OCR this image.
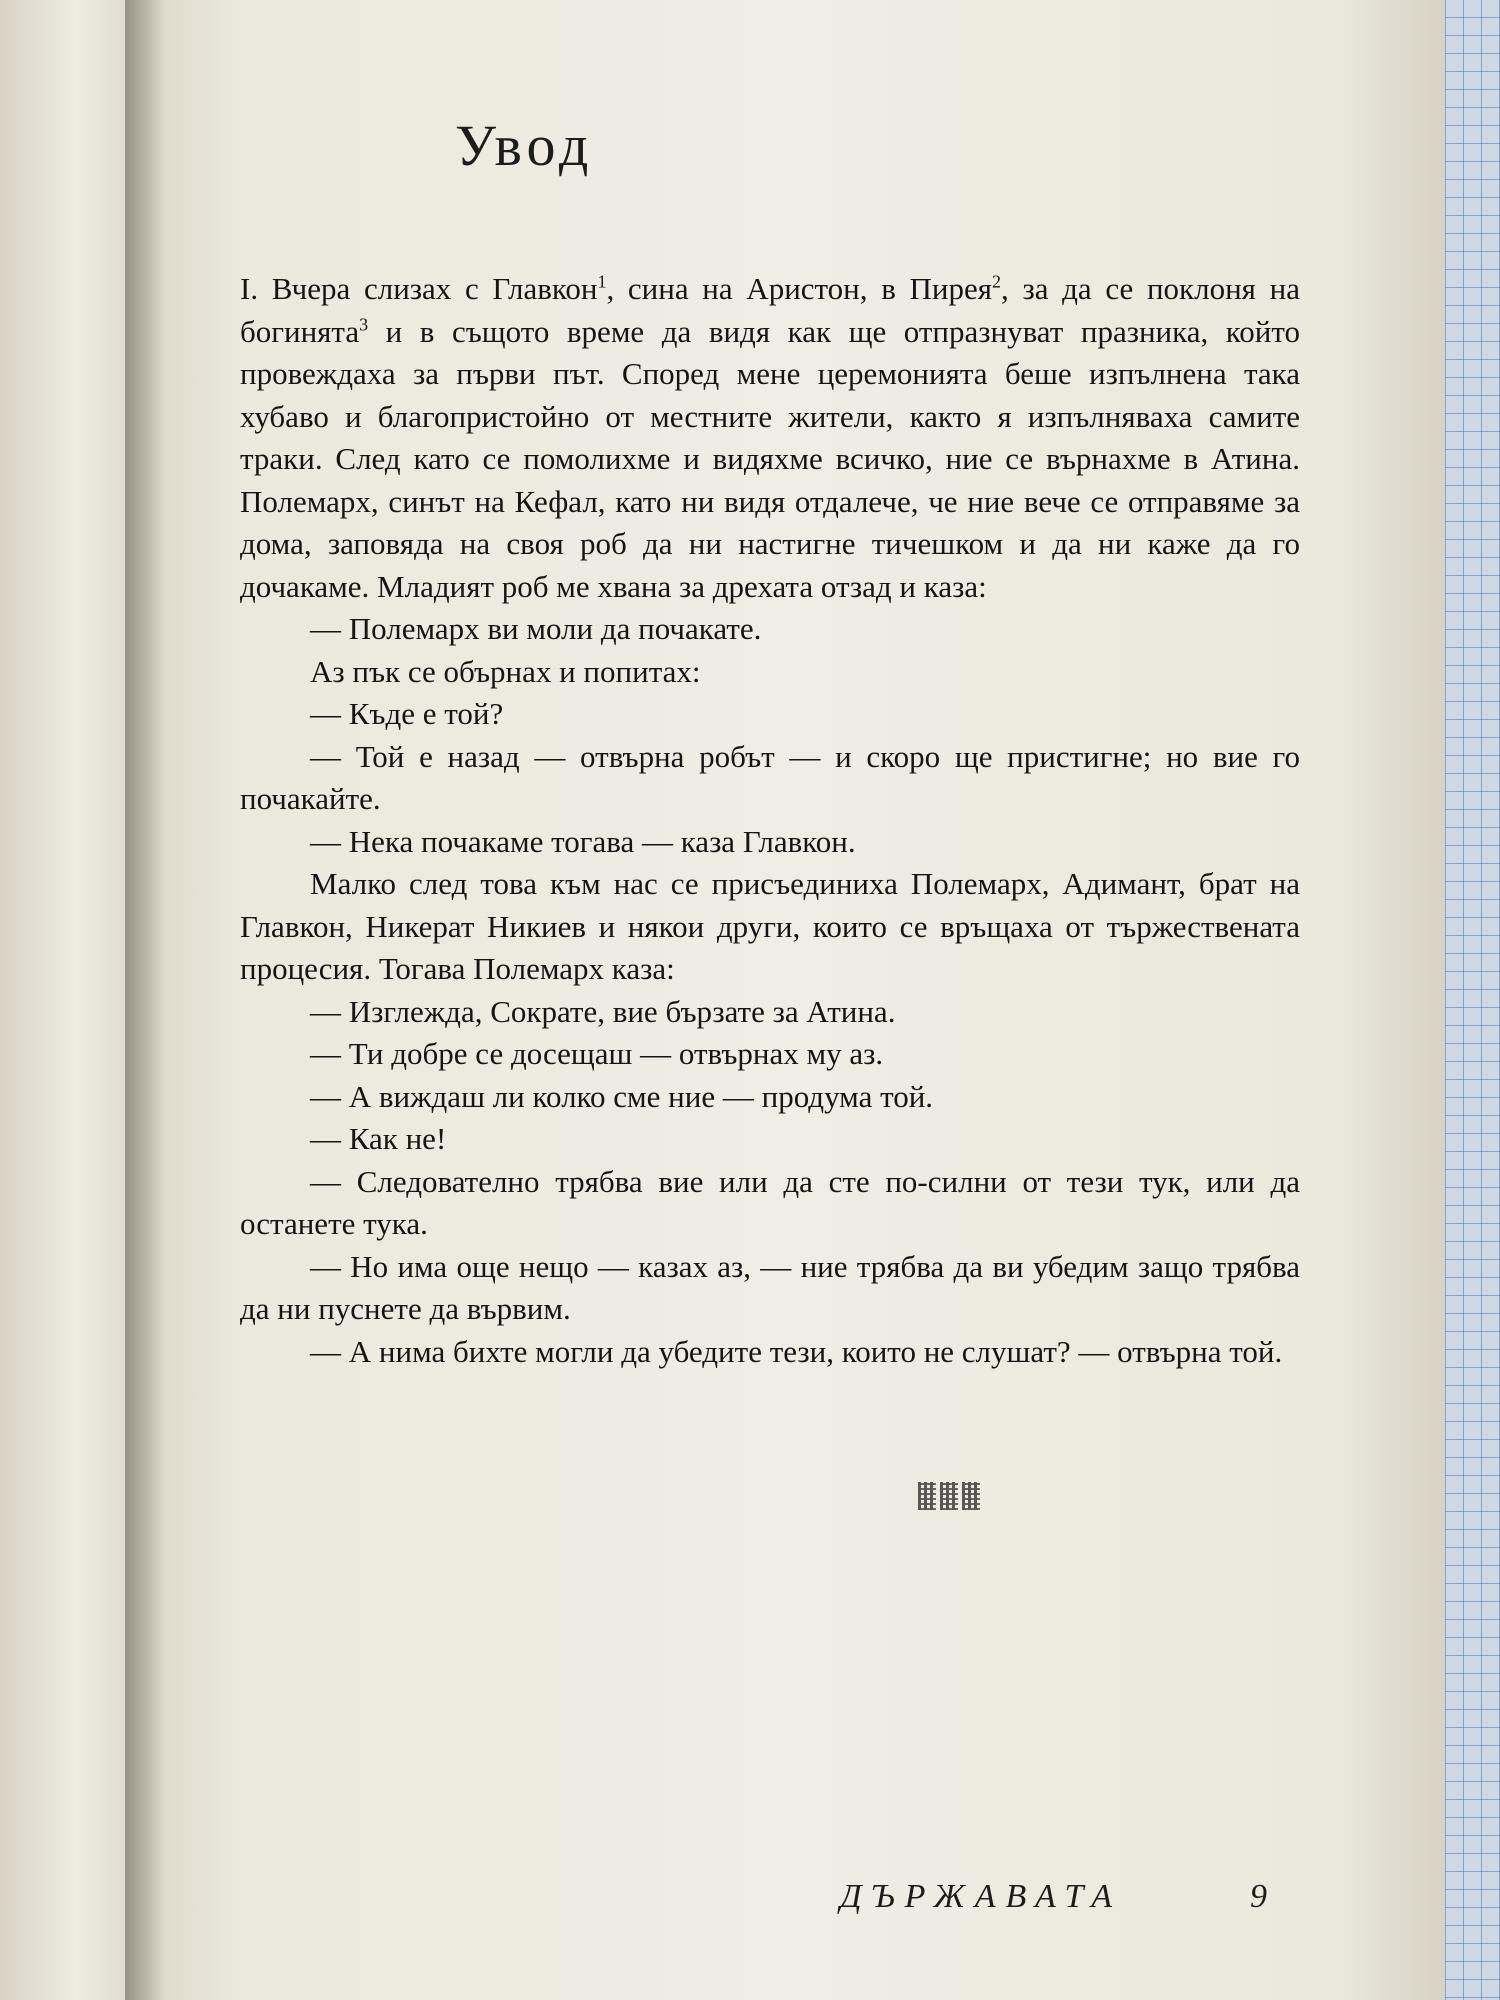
Увод

I. Вчера слизах с Главкон$^1$, сина на Аристон, в Пирея$^2$, за да се поклоня на богинята$^3$ и в същото време да видя как ще отпразнуват празника, който провеждаха за първи път. Според мене церемонията беше изпълнена така хубаво и благопристойно от местните жители, както я изпълняваха самите траки. След като се помолихме и видяхме всичко, ние се върнахме в Атина. Полемарх, синът на Кефал, като ни видя отдалече, че ние вече се отправяме за дома, заповяда на своя роб да ни настигне тичешком и да ни каже да го дочакаме. Младият роб ме хвана за дрехата отзад и каза:

— Полемарх ви моли да почакате.

Аз пък се обърнах и попитах:

— Къде е той?

— Той е назад — отвърна робът — и скоро ще пристигне; но вие го почакайте.

— Нека почакаме тогава — каза Главкон.

Малко след това към нас се присъединиха Полемарх, Адимант, брат на Главкон, Никерат Никиев и някои други, които се връщаха от тържествената процесия. Тогава Полемарх каза:

— Изглежда, Сократе, вие бързате за Атина.

— Ти добре се досещаш — отвърнах му аз.

— А виждаш ли колко сме ние — продума той.

— Как не!

— Следователно трябва вие или да сте по-силни от тези тук, или да останете тука.

— Но има още нещо — казах аз, — ние трябва да ви убедим защо трябва да ни пуснете да вървим.

— А нима бихте могли да убедите тези, които не слушат? — отвърна той.

ДЪРЖАВАТА	9
